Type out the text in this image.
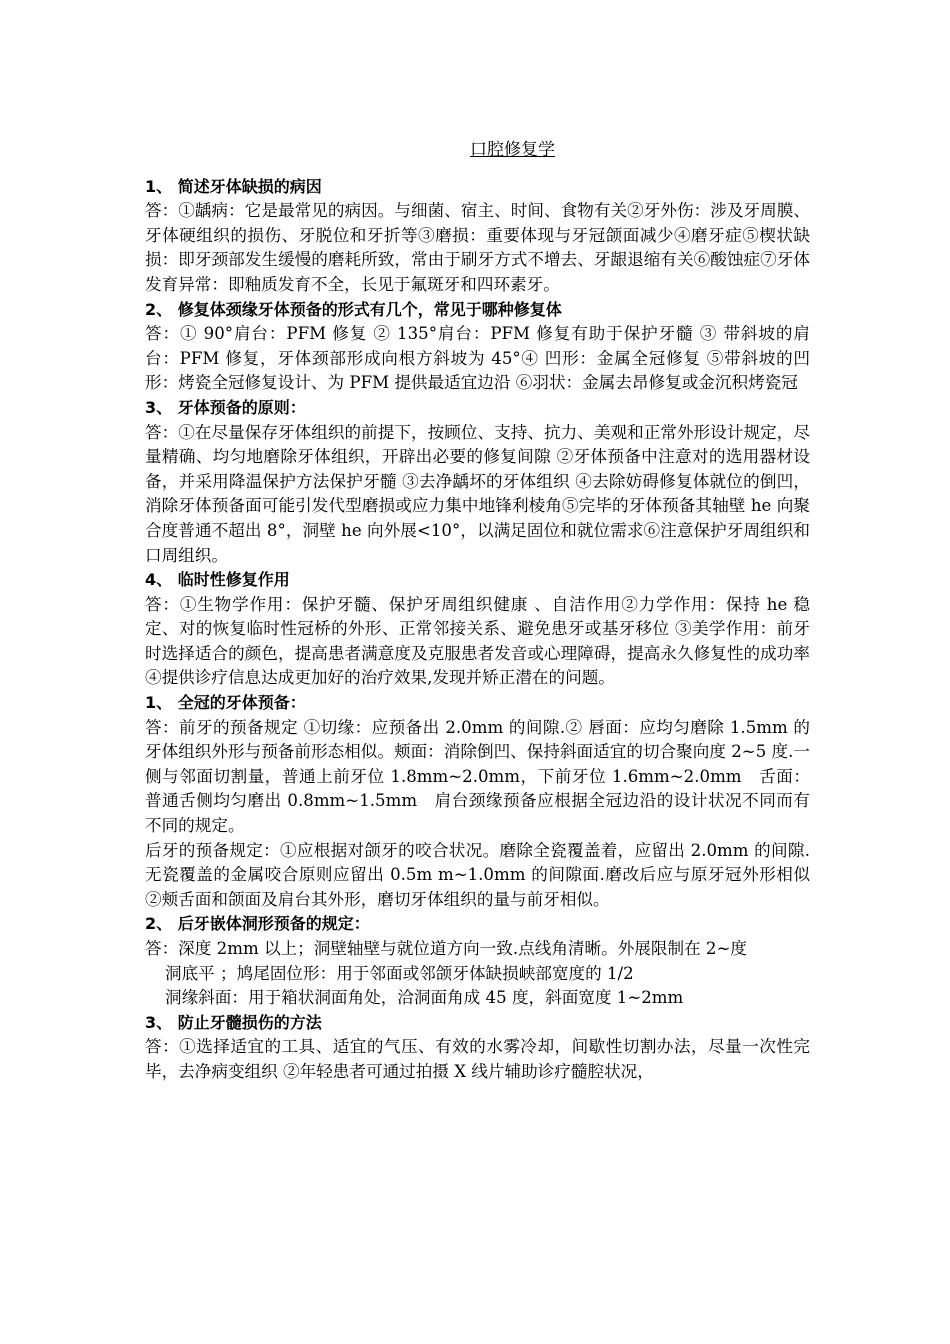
口腔修复学
1、 简述牙体缺损的病因
答：①龋病：它是最常见的病因。与细菌、宿主、时间、食物有关②牙外伤：涉及牙周膜、牙体硬组织的损伤、牙脱位和牙折等③磨损：重要体现与牙冠颌面减少④磨牙症⑤楔状缺损：即牙颈部发生缓慢的磨耗所致，常由于刷牙方式不增去、牙龈退缩有关⑥酸蚀症⑦牙体发育异常：即釉质发育不全，长见于氟斑牙和四环素牙。
2、 修复体颈缘牙体预备的形式有几个，常见于哪种修复体
答：① 90°肩台：PFM 修复 ② 135°肩台：PFM 修复有助于保护牙髓 ③ 带斜坡的肩台：PFM 修复，牙体颈部形成向根方斜坡为 45°④ 凹形：金属全冠修复 ⑤带斜坡的凹形：烤瓷全冠修复设计、为 PFM 提供最适宜边沿 ⑥羽状：金属去昂修复或金沉积烤瓷冠
3、 牙体预备的原则：
答：①在尽量保存牙体组织的前提下，按顾位、支持、抗力、美观和正常外形设计规定，尽量精确、均匀地磨除牙体组织，开辟出必要的修复间隙 ②牙体预备中注意对的选用器材设备，并采用降温保护方法保护牙髓 ③去净龋坏的牙体组织 ④去除妨碍修复体就位的倒凹，消除牙体预备面可能引发代型磨损或应力集中地锋利棱角⑤完毕的牙体预备其轴壁 he 向聚合度普通不超出 8°，洞壁 he 向外展<10°，以满足固位和就位需求⑥注意保护牙周组织和口周组织。
4、 临时性修复作用
答：①生物学作用：保护牙髓、保护牙周组织健康 、自洁作用②力学作用：保持 he 稳定、对的恢复临时性冠桥的外形、正常邻接关系、避免患牙或基牙移位 ③美学作用：前牙时选择适合的颜色，提高患者满意度及克服患者发音或心理障碍，提高永久修复性的成功率 ④提供诊疗信息达成更加好的治疗效果,发现并矫正潜在的问题。
1、 全冠的牙体预备：
答：前牙的预备规定 ①切缘：应预备出 2.0mm 的间隙.② 唇面：应均匀磨除 1.5mm 的牙体组织外形与预备前形态相似。颊面：消除倒凹、保持斜面适宜的切合聚向度 2~5 度.一侧与邻面切割量，普通上前牙位 1.8mm~2.0mm，下前牙位 1.6mm~2.0mm　舌面：普通舌侧均匀磨出 0.8mm~1.5mm　肩台颈缘预备应根据全冠边沿的设计状况不同而有不同的规定。
后牙的预备规定：①应根据对颌牙的咬合状况。磨除全瓷覆盖着，应留出 2.0mm 的间隙.无瓷覆盖的金属咬合原则应留出 0.5m m~1.0mm 的间隙面.磨改后应与原牙冠外形相似　　②颊舌面和颌面及肩台其外形，磨切牙体组织的量与前牙相似。
2、 后牙嵌体洞形预备的规定：
答：深度 2mm 以上；洞壁轴壁与就位道方向一致.点线角清晰。外展限制在 2~度
洞底平 ；鸠尾固位形：用于邻面或邻颌牙体缺损峡部宽度的 1/2
洞缘斜面：用于箱状洞面角处，洽洞面角成 45 度，斜面宽度 1~2mm
3、 防止牙髓损伤的方法
答：①选择适宜的工具、适宜的气压、有效的水雾冷却，间歇性切割办法，尽量一次性完毕，去净病变组织 ②年轻患者可通过拍摄 X 线片辅助诊疗髓腔状况，
